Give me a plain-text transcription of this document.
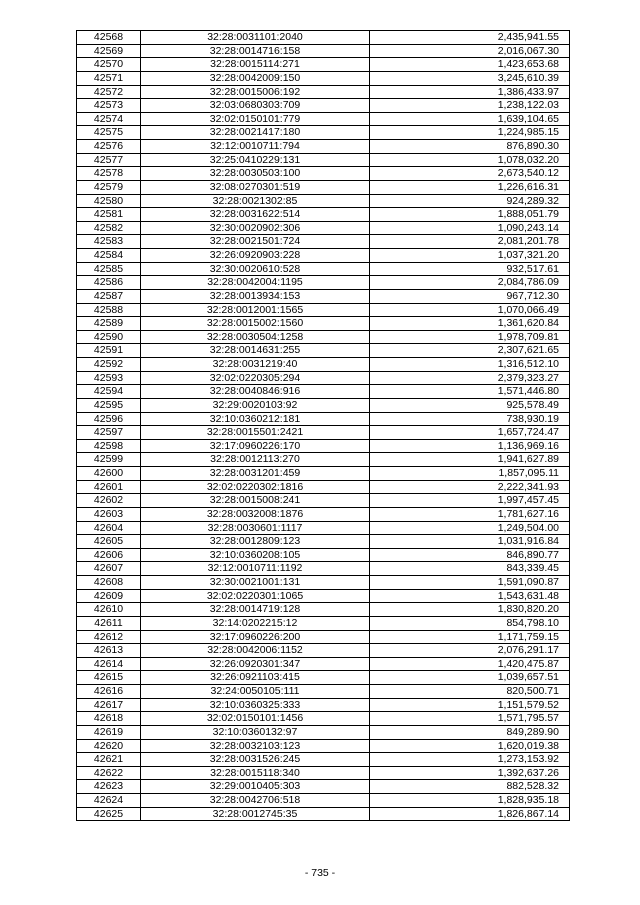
42568	32:28:0031101:2040	2,435,941.55
42569	32:28:0014716:158	2,016,067.30
42570	32:28:0015114:271	1,423,653.68
42571	32:28:0042009:150	3,245,610.39
42572	32:28:0015006:192	1,386,433.97
42573	32:03:0680303:709	1,238,122.03
42574	32:02:0150101:779	1,639,104.65
42575	32:28:0021417:180	1,224,985.15
42576	32:12:0010711:794	876,890.30
42577	32:25:0410229:131	1,078,032.20
42578	32:28:0030503:100	2,673,540.12
42579	32:08:0270301:519	1,226,616.31
42580	32:28:0021302:85	924,289.32
42581	32:28:0031622:514	1,888,051.79
42582	32:30:0020902:306	1,090,243.14
42583	32:28:0021501:724	2,081,201.78
42584	32:26:0920903:228	1,037,321.20
42585	32:30:0020610:528	932,517.61
42586	32:28:0042004:1195	2,084,786.09
42587	32:28:0013934:153	967,712.30
42588	32:28:0012001:1565	1,070,066.49
42589	32:28:0015002:1560	1,361,620.84
42590	32:28:0030504:1258	1,978,709.81
42591	32:28:0014631:255	2,307,621.65
42592	32:28:0031219:40	1,316,512.10
42593	32:02:0220305:294	2,379,323.27
42594	32:28:0040846:916	1,571,446.80
42595	32:29:0020103:92	925,578.49
42596	32:10:0360212:181	738,930.19
42597	32:28:0015501:2421	1,657,724.47
42598	32:17:0960226:170	1,136,969.16
42599	32:28:0012113:270	1,941,627.89
42600	32:28:0031201:459	1,857,095.11
42601	32:02:0220302:1816	2,222,341.93
42602	32:28:0015008:241	1,997,457.45
42603	32:28:0032008:1876	1,781,627.16
42604	32:28:0030601:1117	1,249,504.00
42605	32:28:0012809:123	1,031,916.84
42606	32:10:0360208:105	846,890.77
42607	32:12:0010711:1192	843,339.45
42608	32:30:0021001:131	1,591,090.87
42609	32:02:0220301:1065	1,543,631.48
42610	32:28:0014719:128	1,830,820.20
42611	32:14:0202215:12	854,798.10
42612	32:17:0960226:200	1,171,759.15
42613	32:28:0042006:1152	2,076,291.17
42614	32:26:0920301:347	1,420,475.87
42615	32:26:0921103:415	1,039,657.51
42616	32:24:0050105:111	820,500.71
42617	32:10:0360325:333	1,151,579.52
42618	32:02:0150101:1456	1,571,795.57
42619	32:10:0360132:97	849,289.90
42620	32:28:0032103:123	1,620,019.38
42621	32:28:0031526:245	1,273,153.92
42622	32:28:0015118:340	1,392,637.26
42623	32:29:0010405:303	882,528.32
42624	32:28:0042706:518	1,828,935.18
42625	32:28:0012745:35	1,826,867.14
- 735 -
